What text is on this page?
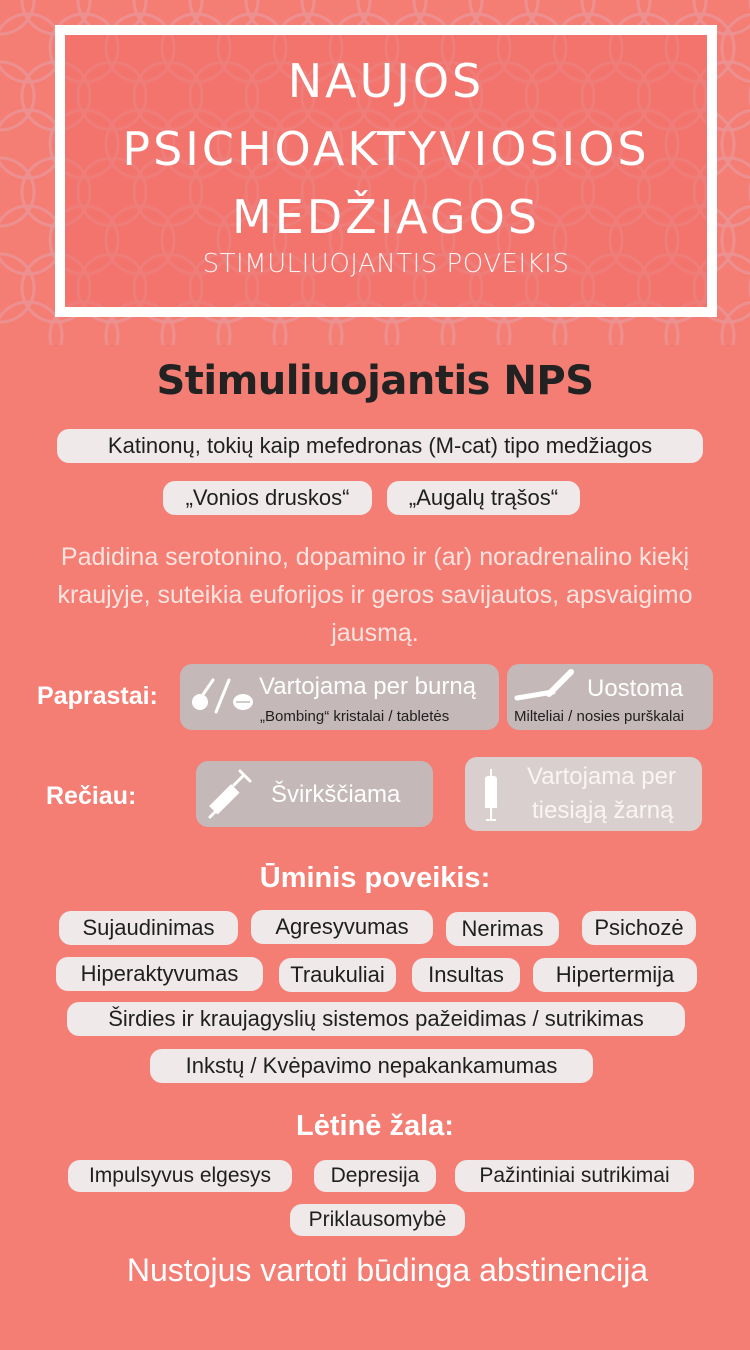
NAUJOS
PSICHOAKTYVIOSIOS
MEDŽIAGOS
STIMULIUOJANTIS POVEIKIS
Stimuliuojantis NPS
Katinonų, tokių kaip mefedronas (M-cat) tipo medžiagos
„Vonios druskos“	„Augalų trąšos“
Padidina serotonino, dopamino ir (ar) noradrenalino kiekį kraujyje, suteikia euforijos ir geros savijautos, apsvaigimo jausmą.
Paprastai:	Vartojama per burną
„Bombing“ kristalai / tabletės
Uostoma
Milteliai / nosies purškalai
Rečiau:	Švirkščiama
Vartojama per
tiesiąją žarną
Ūminis poveikis:
Sujaudinimas	Agresyvumas	Nerimas	Psichozė
Hiperaktyvumas	Traukuliai	Insultas	Hipertermija
Širdies ir kraujagyslių sistemos pažeidimas / sutrikimas
Inkstų / Kvėpavimo nepakankamumas
Lėtinė žala:
Impulsyvus elgesys	Depresija	Pažintiniai sutrikimai
Priklausomybė
Nustojus vartoti būdinga abstinencija
